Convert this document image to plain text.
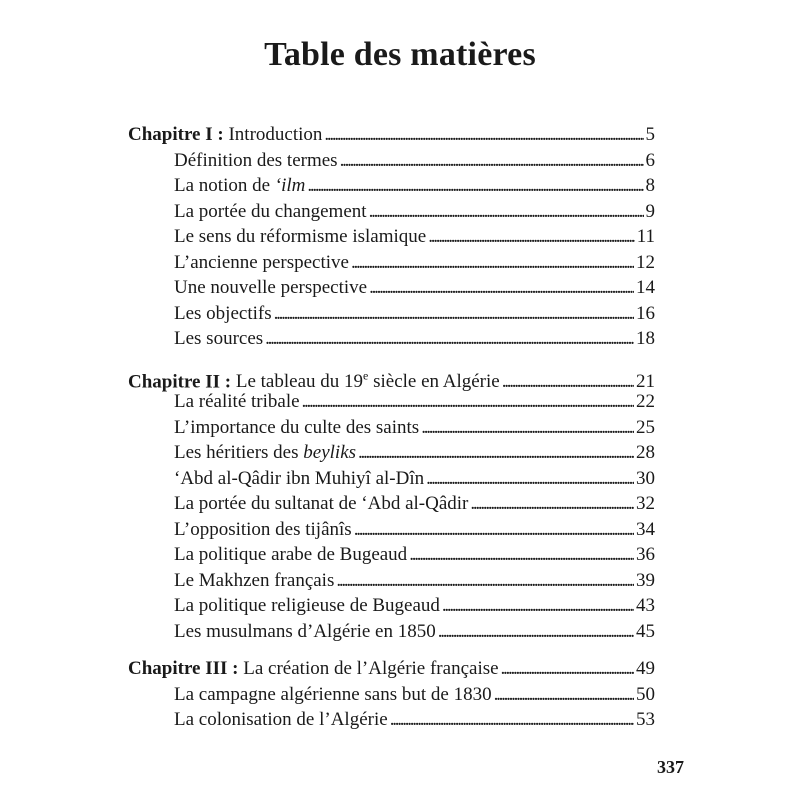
Table des matières
Chapitre I : Introduction . . .	5
Définition des termes . . .	6
La notion de ‘ilm . . .	8
La portée du changement . . .	9
Le sens du réformisme islamique . . .	11
L’ancienne perspective . . .	12
Une nouvelle perspective . . .	14
Les objectifs . . .	16
Les sources . . .	18
Chapitre II : Le tableau du 19e siècle en Algérie . . .	21
La réalité tribale . . .	22
L’importance du culte des saints . . .	25
Les héritiers des beyliks . . .	28
‘Abd al-Qâdir ibn Muhiyî al-Dîn . . .	30
La portée du sultanat de ‘Abd al-Qâdir . . .	32
L’opposition des tijânîs . . .	34
La politique arabe de Bugeaud . . .	36
Le Makhzen français . . .	39
La politique religieuse de Bugeaud . . .	43
Les musulmans d’Algérie en 1850 . . .	45
Chapitre III : La création de l’Algérie française . . .	49
La campagne algérienne sans but de 1830 . . .	50
La colonisation de l’Algérie . . .	53
337
